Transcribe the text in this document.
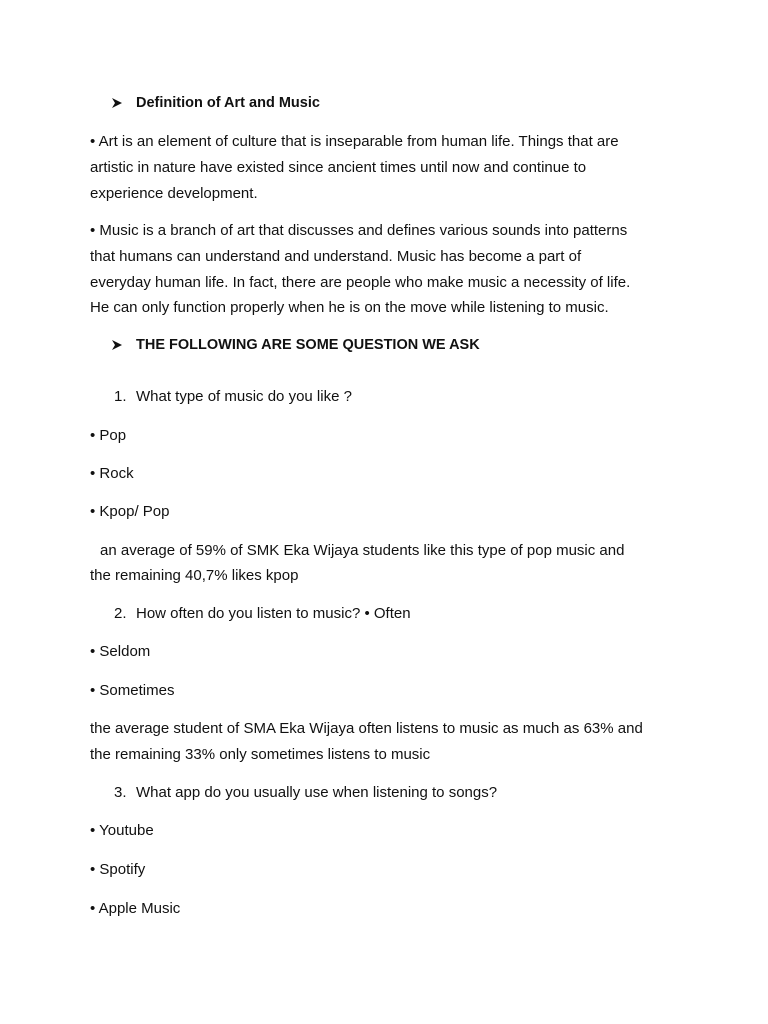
Definition of Art and Music
• Art is an element of culture that is inseparable from human life. Things that are
artistic in nature have existed since ancient times until now and continue to
experience development.
• Music is a branch of art that discusses and defines various sounds into patterns
that humans can understand and understand. Music has become a part of
everyday human life. In fact, there are people who make music a necessity of life.
He can only function properly when he is on the move while listening to music.
THE FOLLOWING ARE SOME QUESTION WE ASK
1. What type of music do you like ?
• Pop
• Rock
• Kpop/ Pop
an average of 59% of SMK Eka Wijaya students like this type of pop music and
the remaining 40,7% likes kpop
2. How often do you listen to music? • Often
• Seldom
• Sometimes
the average student of SMA Eka Wijaya often listens to music as much as 63% and
the remaining 33% only sometimes listens to music
3. What app do you usually use when listening to songs?
• Youtube
• Spotify
• Apple Music
